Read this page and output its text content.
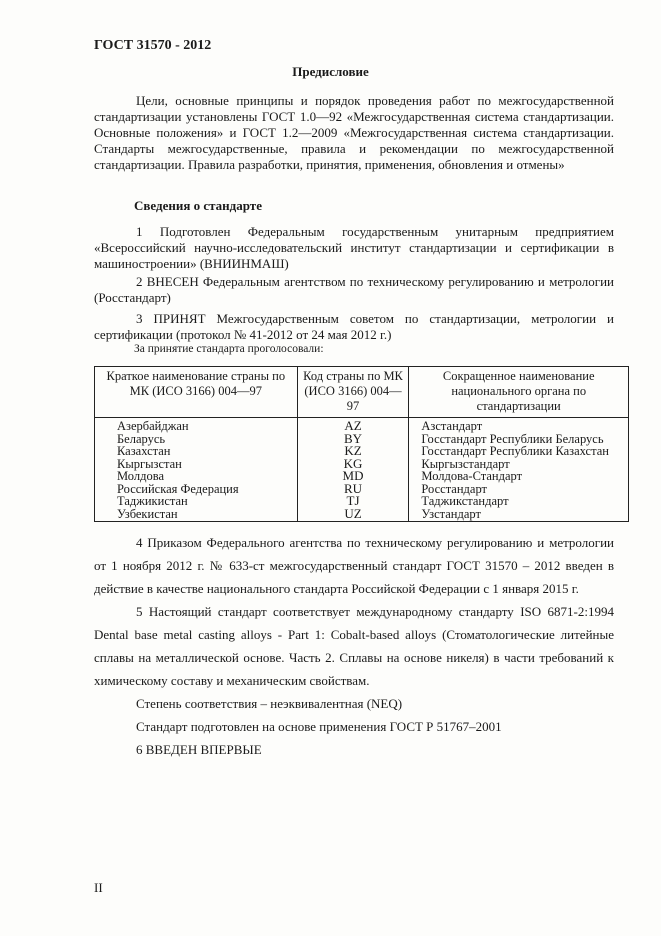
ГОСТ 31570 - 2012
Предисловие
Цели, основные принципы и порядок проведения работ по межгосударственной стандартизации установлены ГОСТ 1.0—92 «Межгосударственная система стандартизации. Основные положения» и ГОСТ 1.2—2009 «Межгосударственная система стандартизации. Стандарты межгосударственные, правила и рекомендации по межгосударственной стандартизации. Правила разработки, принятия, применения, обновления и отмены»
Сведения о стандарте
1 Подготовлен Федеральным государственным унитарным предприятием «Всероссийский научно-исследовательский институт стандартизации и сертификации в машиностроении» (ВНИИНМАШ)
2 ВНЕСЕН Федеральным агентством по техническому регулированию и метрологии (Росстандарт)
3 ПРИНЯТ Межгосударственным советом по стандартизации, метрологии и сертификации (протокол № 41-2012 от 24 мая 2012 г.)
За принятие стандарта проголосовали:
Краткое наименование страны по МК (ИСО 3166) 004—97	Код страны по МК (ИСО 3166) 004—97	Сокращенное наименование национального органа по стандартизации
Азербайджан	AZ	Азстандарт
Беларусь	BY	Госстандарт Республики Беларусь
Казахстан	KZ	Госстандарт Республики Казахстан
Кыргызстан	KG	Кыргызстандарт
Молдова	MD	Молдова-Стандарт
Российская Федерация	RU	Росстандарт
Таджикистан	TJ	Таджикстандарт
Узбекистан	UZ	Узстандарт

4 Приказом Федерального агентства по техническому регулированию и метрологии от 1 ноября 2012 г. № 633-ст межгосударственный стандарт ГОСТ 31570 – 2012 введен в действие в качестве национального стандарта Российской Федерации с 1 января 2015 г.

5 Настоящий стандарт соответствует международному стандарту ISO 6871-2:1994 Dental base metal casting alloys - Part 1: Cobalt-based alloys (Стоматологические литейные сплавы на металлической основе. Часть 2. Сплавы на основе никеля) в части требований к химическому составу и механическим свойствам.

Степень соответствия – неэквивалентная (NEQ)

Стандарт подготовлен на основе применения ГОСТ Р 51767–2001

6 ВВЕДЕН ВПЕРВЫЕ

II
